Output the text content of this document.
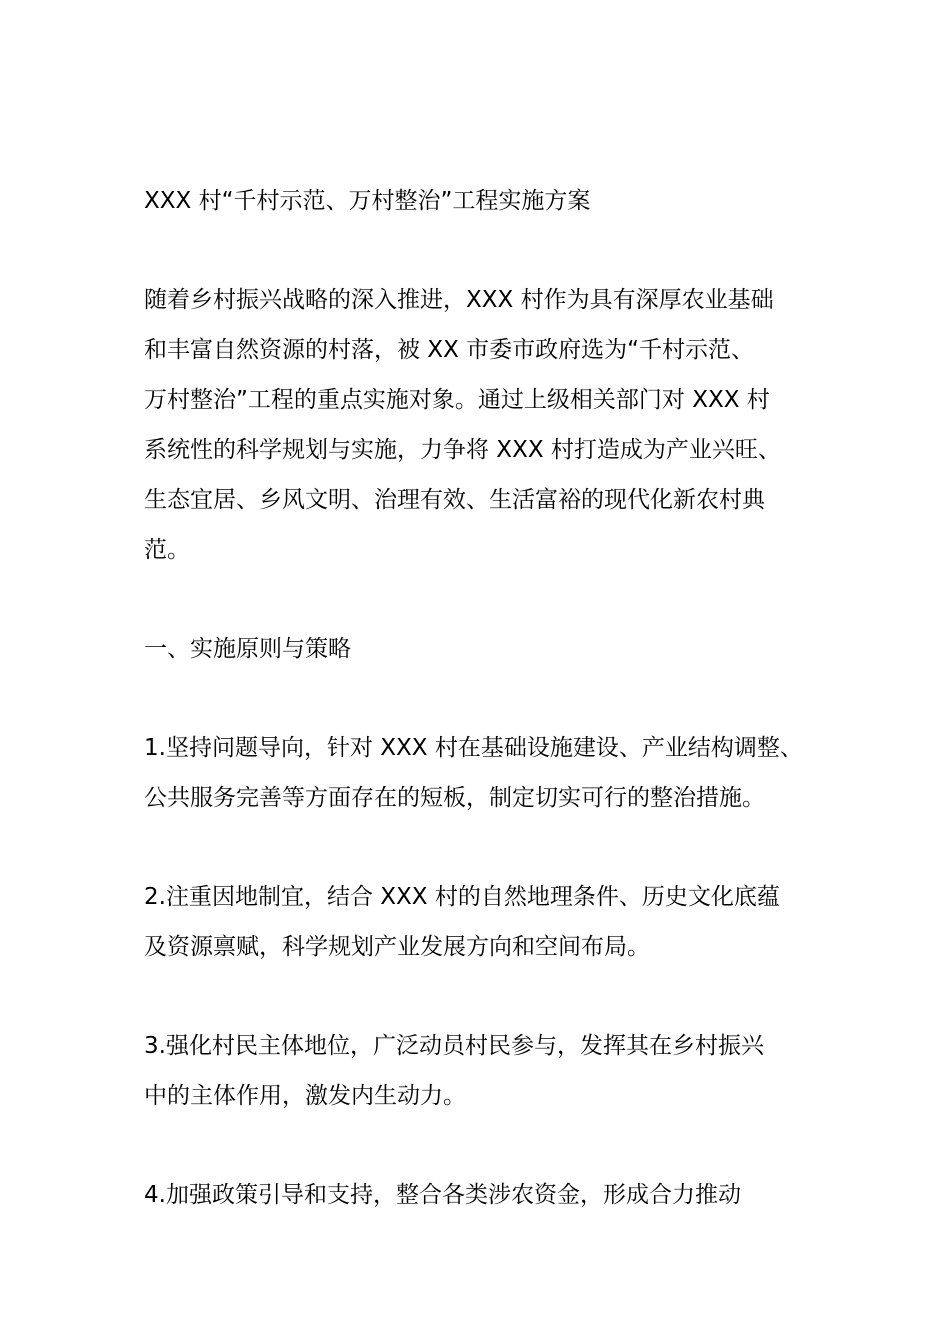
XXX 村“千村示范、万村整治”工程实施方案
随着乡村振兴战略的深入推进，XXX 村作为具有深厚农业基础
和丰富自然资源的村落，被 XX 市委市政府选为“千村示范、
万村整治”工程的重点实施对象。通过上级相关部门对 XXX 村
系统性的科学规划与实施，力争将 XXX 村打造成为产业兴旺、
生态宜居、乡风文明、治理有效、生活富裕的现代化新农村典
范。
一、实施原则与策略
1.坚持问题导向，针对 XXX 村在基础设施建设、产业结构调整、
公共服务完善等方面存在的短板，制定切实可行的整治措施。
2.注重因地制宜，结合 XXX 村的自然地理条件、历史文化底蕴
及资源禀赋，科学规划产业发展方向和空间布局。
3.强化村民主体地位，广泛动员村民参与，发挥其在乡村振兴
中的主体作用，激发内生动力。
4.加强政策引导和支持，整合各类涉农资金，形成合力推动
